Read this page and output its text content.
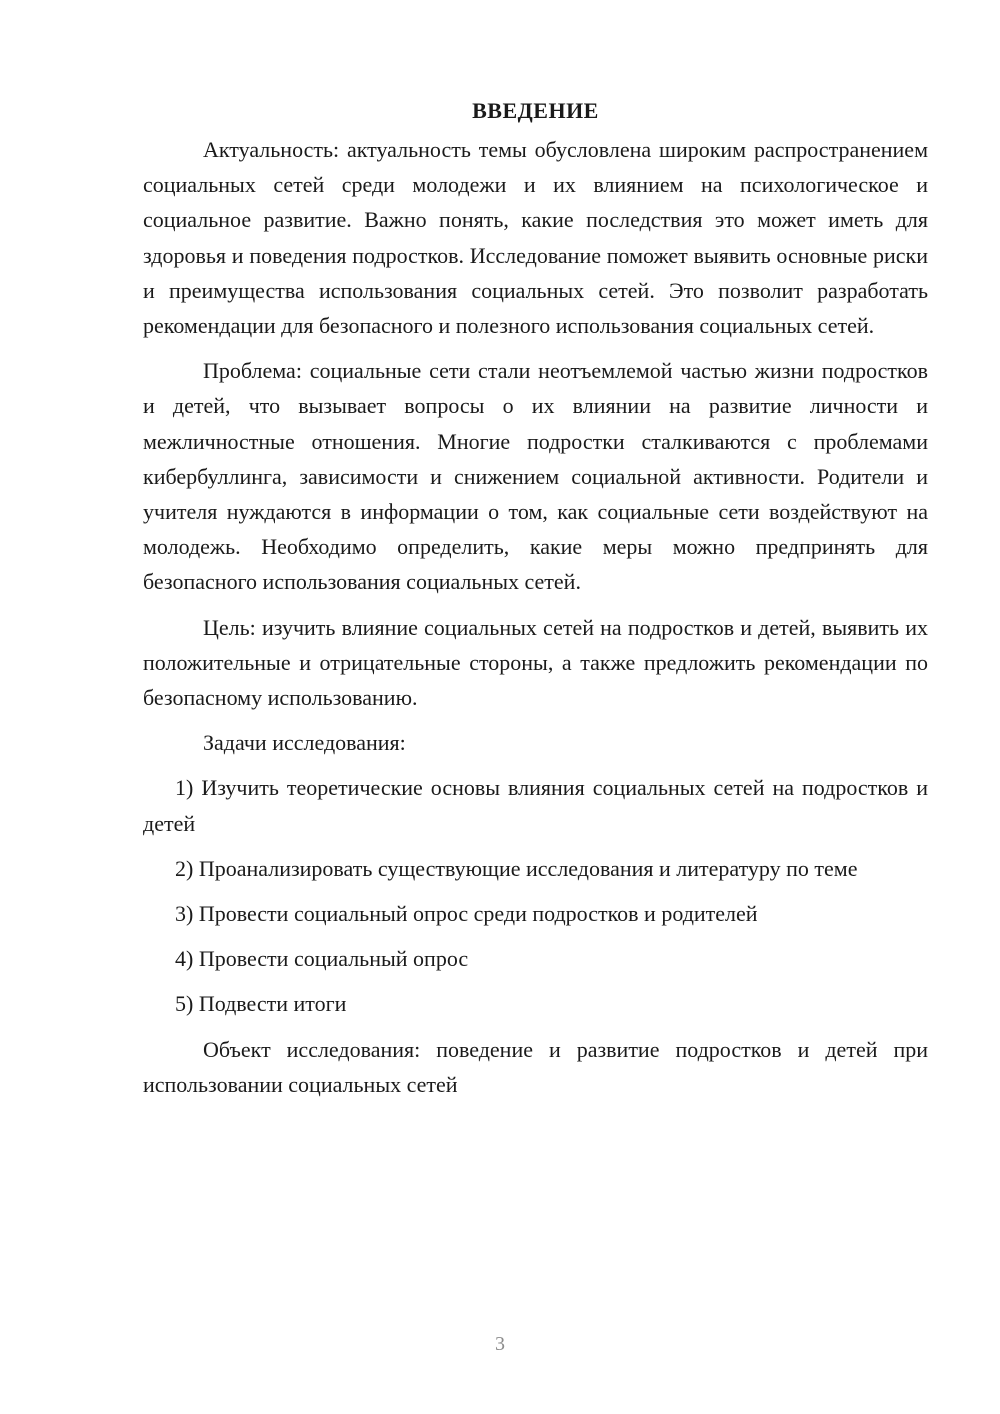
ВВЕДЕНИЕ

Актуальность: актуальность темы обусловлена широким распространением социальных сетей среди молодежи и их влиянием на психологическое и социальное развитие. Важно понять, какие последствия это может иметь для здоровья и поведения подростков. Исследование поможет выявить основные риски и преимущества использования социальных сетей. Это позволит разработать рекомендации для безопасного и полезного использования социальных сетей.

Проблема: социальные сети стали неотъемлемой частью жизни подростков и детей, что вызывает вопросы о их влиянии на развитие личности и межличностные отношения. Многие подростки сталкиваются с проблемами кибербуллинга, зависимости и снижением социальной активности. Родители и учителя нуждаются в информации о том, как социальные сети воздействуют на молодежь. Необходимо определить, какие меры можно предпринять для безопасного использования социальных сетей.

Цель: изучить влияние социальных сетей на подростков и детей, выявить их положительные и отрицательные стороны, а также предложить рекомендации по безопасному использованию.

Задачи исследования:

1) Изучить теоретические основы влияния социальных сетей на подростков и детей

2) Проанализировать существующие исследования и литературу по теме

3) Провести социальный опрос среди подростков и родителей

4) Провести социальный опрос

5) Подвести итоги

Объект исследования: поведение и развитие подростков и детей при использовании социальных сетей

3
